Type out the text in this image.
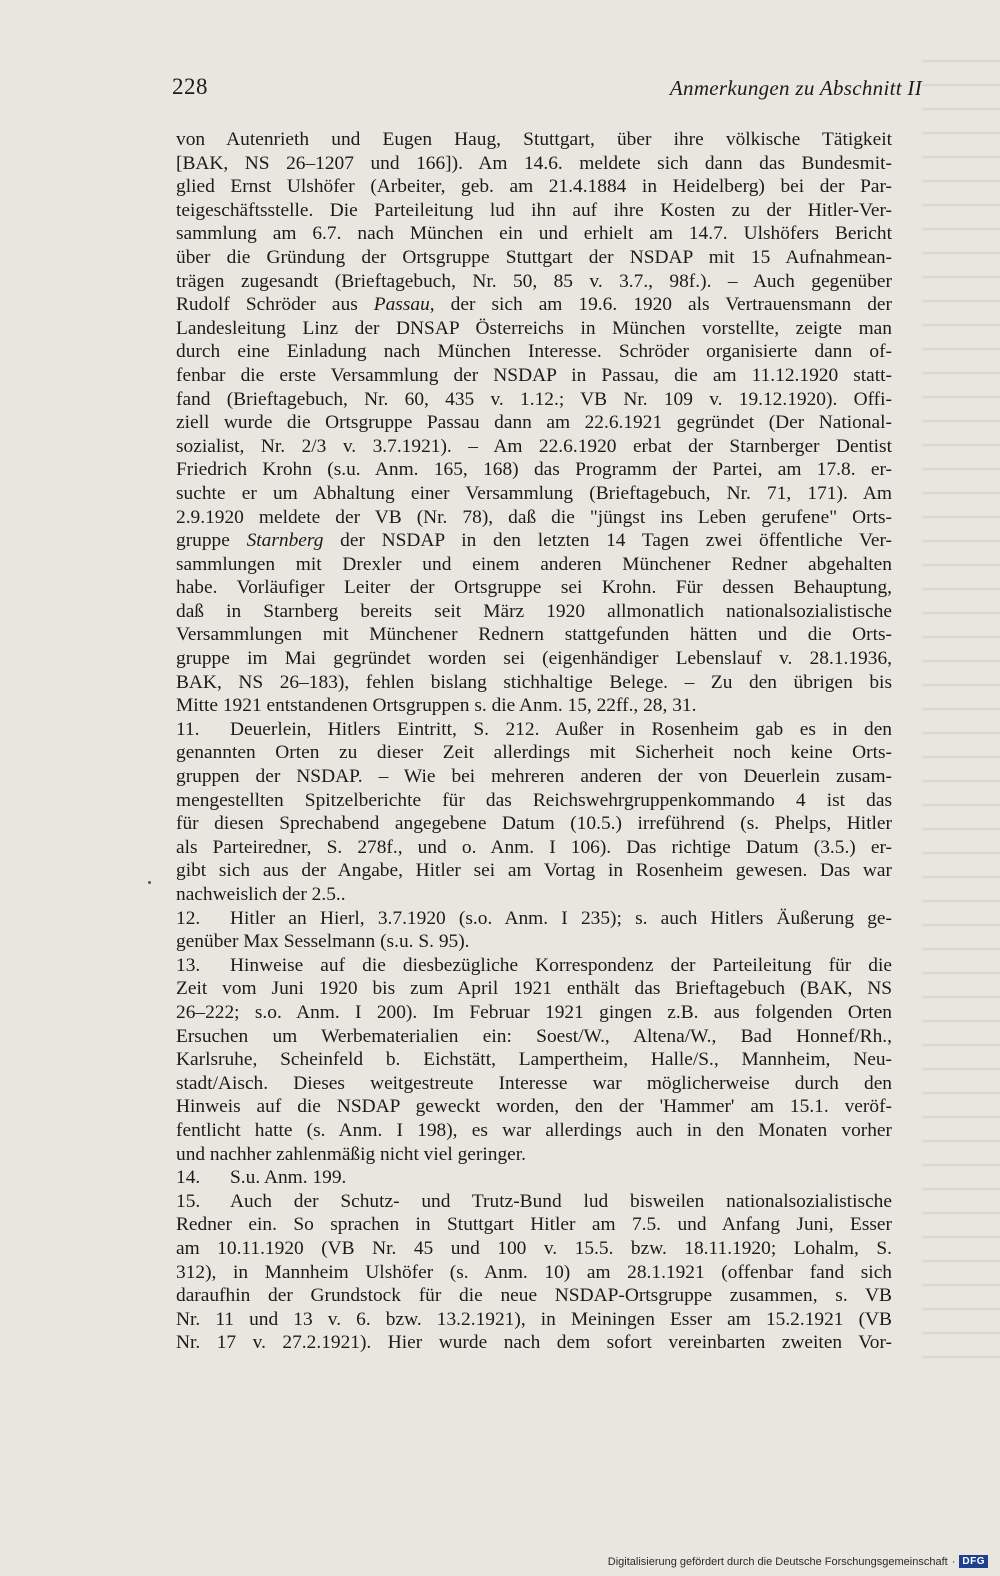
228	Anmerkungen zu Abschnitt II
von Autenrieth und Eugen Haug, Stuttgart, über ihre völkische Tätigkeit
[BAK, NS 26–1207 und 166]). Am 14.6. meldete sich dann das Bundesmit-
glied Ernst Ulshöfer (Arbeiter, geb. am 21.4.1884 in Heidelberg) bei der Par-
teigeschäftsstelle. Die Parteileitung lud ihn auf ihre Kosten zu der Hitler-Ver-
sammlung am 6.7. nach München ein und erhielt am 14.7. Ulshöfers Bericht
über die Gründung der Ortsgruppe Stuttgart der NSDAP mit 15 Aufnahmean-
trägen zugesandt (Brieftagebuch, Nr. 50, 85 v. 3.7., 98f.). – Auch gegenüber
Rudolf Schröder aus Passau, der sich am 19.6. 1920 als Vertrauensmann der
Landesleitung Linz der DNSAP Österreichs in München vorstellte, zeigte man
durch eine Einladung nach München Interesse. Schröder organisierte dann of-
fenbar die erste Versammlung der NSDAP in Passau, die am 11.12.1920 statt-
fand (Brieftagebuch, Nr. 60, 435 v. 1.12.; VB Nr. 109 v. 19.12.1920). Offi-
ziell wurde die Ortsgruppe Passau dann am 22.6.1921 gegründet (Der National-
sozialist, Nr. 2/3 v. 3.7.1921). – Am 22.6.1920 erbat der Starnberger Dentist
Friedrich Krohn (s.u. Anm. 165, 168) das Programm der Partei, am 17.8. er-
suchte er um Abhaltung einer Versammlung (Brieftagebuch, Nr. 71, 171). Am
2.9.1920 meldete der VB (Nr. 78), daß die "jüngst ins Leben gerufene" Orts-
gruppe Starnberg der NSDAP in den letzten 14 Tagen zwei öffentliche Ver-
sammlungen mit Drexler und einem anderen Münchener Redner abgehalten
habe. Vorläufiger Leiter der Ortsgruppe sei Krohn. Für dessen Behauptung,
daß in Starnberg bereits seit März 1920 allmonatlich nationalsozialistische
Versammlungen mit Münchener Rednern stattgefunden hätten und die Orts-
gruppe im Mai gegründet worden sei (eigenhändiger Lebenslauf v. 28.1.1936,
BAK, NS 26–183), fehlen bislang stichhaltige Belege. – Zu den übrigen bis
Mitte 1921 entstandenen Ortsgruppen s. die Anm. 15, 22ff., 28, 31.
11. Deuerlein, Hitlers Eintritt, S. 212. Außer in Rosenheim gab es in den
genannten Orten zu dieser Zeit allerdings mit Sicherheit noch keine Orts-
gruppen der NSDAP. – Wie bei mehreren anderen der von Deuerlein zusam-
mengestellten Spitzelberichte für das Reichswehrgruppenkommando 4 ist das
für diesen Sprechabend angegebene Datum (10.5.) irreführend (s. Phelps, Hitler
als Parteiredner, S. 278f., und o. Anm. I 106). Das richtige Datum (3.5.) er-
gibt sich aus der Angabe, Hitler sei am Vortag in Rosenheim gewesen. Das war
nachweislich der 2.5..
12. Hitler an Hierl, 3.7.1920 (s.o. Anm. I 235); s. auch Hitlers Äußerung ge-
genüber Max Sesselmann (s.u. S. 95).
13. Hinweise auf die diesbezügliche Korrespondenz der Parteileitung für die
Zeit vom Juni 1920 bis zum April 1921 enthält das Brieftagebuch (BAK, NS
26–222; s.o. Anm. I 200). Im Februar 1921 gingen z.B. aus folgenden Orten
Ersuchen um Werbematerialien ein: Soest/W., Altena/W., Bad Honnef/Rh.,
Karlsruhe, Scheinfeld b. Eichstätt, Lampertheim, Halle/S., Mannheim, Neu-
stadt/Aisch. Dieses weitgestreute Interesse war möglicherweise durch den
Hinweis auf die NSDAP geweckt worden, den der 'Hammer' am 15.1. veröf-
fentlicht hatte (s. Anm. I 198), es war allerdings auch in den Monaten vorher
und nachher zahlenmäßig nicht viel geringer.
14. S.u. Anm. 199.
15. Auch der Schutz- und Trutz-Bund lud bisweilen nationalsozialistische
Redner ein. So sprachen in Stuttgart Hitler am 7.5. und Anfang Juni, Esser
am 10.11.1920 (VB Nr. 45 und 100 v. 15.5. bzw. 18.11.1920; Lohalm, S.
312), in Mannheim Ulshöfer (s. Anm. 10) am 28.1.1921 (offenbar fand sich
daraufhin der Grundstock für die neue NSDAP-Ortsgruppe zusammen, s. VB
Nr. 11 und 13 v. 6. bzw. 13.2.1921), in Meiningen Esser am 15.2.1921 (VB
Nr. 17 v. 27.2.1921). Hier wurde nach dem sofort vereinbarten zweiten Vor-
Digitalisierung gefördert durch die Deutsche Forschungsgemeinschaft · DFG
